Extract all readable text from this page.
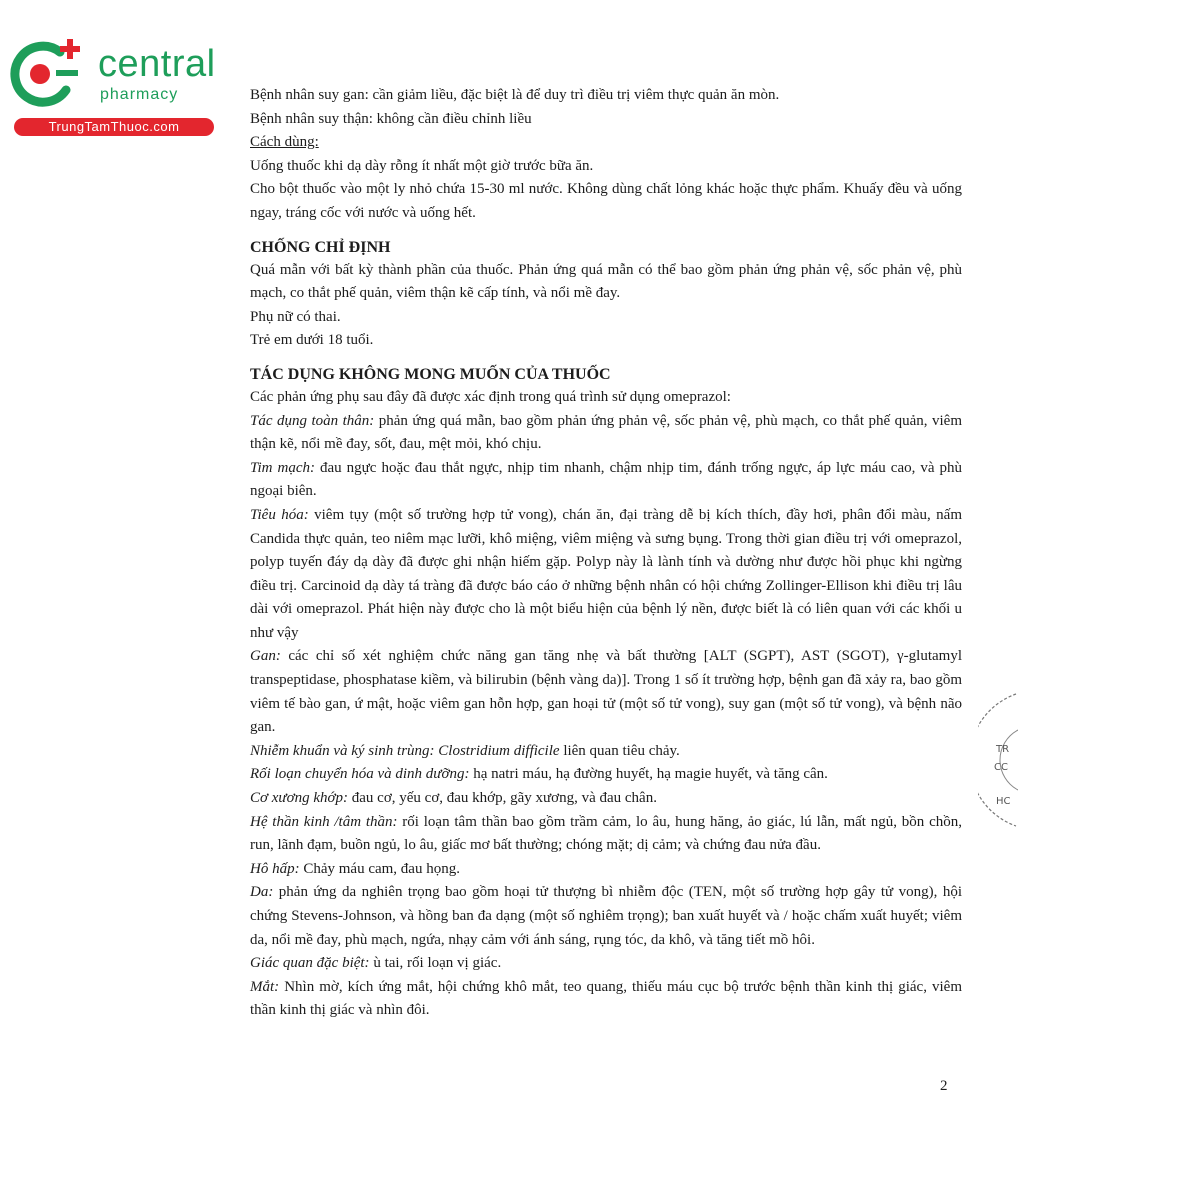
central
pharmacy
TrungTamThuoc.com

Bệnh nhân suy gan: cần giảm liều, đặc biệt là để duy trì điều trị viêm thực quản ăn mòn.

Bệnh nhân suy thận: không cần điều chỉnh liều

Cách dùng:

Uống thuốc khi dạ dày rỗng ít nhất một giờ trước bữa ăn.

Cho bột thuốc vào một ly nhỏ chứa 15-30 ml nước. Không dùng chất lỏng khác hoặc thực phẩm. Khuấy đều và uống ngay, tráng cốc với nước và uống hết.

CHỐNG CHỈ ĐỊNH

Quá mẫn với bất kỳ thành phần của thuốc. Phản ứng quá mẫn có thể bao gồm phản ứng phản vệ, sốc phản vệ, phù mạch, co thắt phế quản, viêm thận kẽ cấp tính, và nổi mề đay.

Phụ nữ có thai.

Trẻ em dưới 18 tuổi.

TÁC DỤNG KHÔNG MONG MUỐN CỦA THUỐC

Các phản ứng phụ sau đây đã được xác định trong quá trình sử dụng omeprazol:

Tác dụng toàn thân: phản ứng quá mẫn, bao gồm phản ứng phản vệ, sốc phản vệ, phù mạch, co thắt phế quản, viêm thận kẽ, nổi mề đay, sốt, đau, mệt mỏi, khó chịu.

Tim mạch: đau ngực hoặc đau thắt ngực, nhịp tim nhanh, chậm nhịp tim, đánh trống ngực, áp lực máu cao, và phù ngoại biên.

Tiêu hóa: viêm tụy (một số trường hợp tử vong), chán ăn, đại tràng dễ bị kích thích, đầy hơi, phân đổi màu, nấm Candida thực quản, teo niêm mạc lưỡi, khô miệng, viêm miệng và sưng bụng. Trong thời gian điều trị với omeprazol, polyp tuyến đáy dạ dày đã được ghi nhận hiếm gặp. Polyp này là lành tính và dường như được hồi phục khi ngừng điều trị. Carcinoid dạ dày tá tràng đã được báo cáo ở những bệnh nhân có hội chứng Zollinger-Ellison khi điều trị lâu dài với omeprazol. Phát hiện này được cho là một biểu hiện của bệnh lý nền, được biết là có liên quan với các khối u như vậy

Gan: các chỉ số xét nghiệm chức năng gan tăng nhẹ và bất thường [ALT (SGPT), AST (SGOT), γ-glutamyl transpeptidase, phosphatase kiềm, và bilirubin (bệnh vàng da)]. Trong 1 số ít trường hợp, bệnh gan đã xảy ra, bao gồm viêm tế bào gan, ứ mật, hoặc viêm gan hỗn hợp, gan hoại tử (một số tử vong), suy gan (một số tử vong), và bệnh não gan.

Nhiễm khuẩn và ký sinh trùng: Clostridium difficile liên quan tiêu chảy.

Rối loạn chuyển hóa và dinh dưỡng: hạ natri máu, hạ đường huyết, hạ magie huyết, và tăng cân.

Cơ xương khớp: đau cơ, yếu cơ, đau khớp, gãy xương, và đau chân.

Hệ thần kinh /tâm thần: rối loạn tâm thần bao gồm trầm cảm, lo âu, hung hăng, ảo giác, lú lẫn, mất ngủ, bồn chồn, run, lãnh đạm, buồn ngủ, lo âu, giấc mơ bất thường; chóng mặt; dị cảm; và chứng đau nửa đầu.

Hô hấp: Chảy máu cam, đau họng.

Da: phản ứng da nghiên trọng bao gồm hoại tử thượng bì nhiễm độc (TEN, một số trường hợp gây tử vong), hội chứng Stevens-Johnson, và hồng ban đa dạng (một số nghiêm trọng); ban xuất huyết và / hoặc chấm xuất huyết; viêm da, nổi mề đay, phù mạch, ngứa, nhạy cảm với ánh sáng, rụng tóc, da khô, và tăng tiết mồ hôi.

Giác quan đặc biệt: ù tai, rối loạn vị giác.

Mắt: Nhìn mờ, kích ứng mắt, hội chứng khô mắt, teo quang, thiếu máu cục bộ trước bệnh thần kinh thị giác, viêm thần kinh thị giác và nhìn đôi.

TR
CC
HC
2
